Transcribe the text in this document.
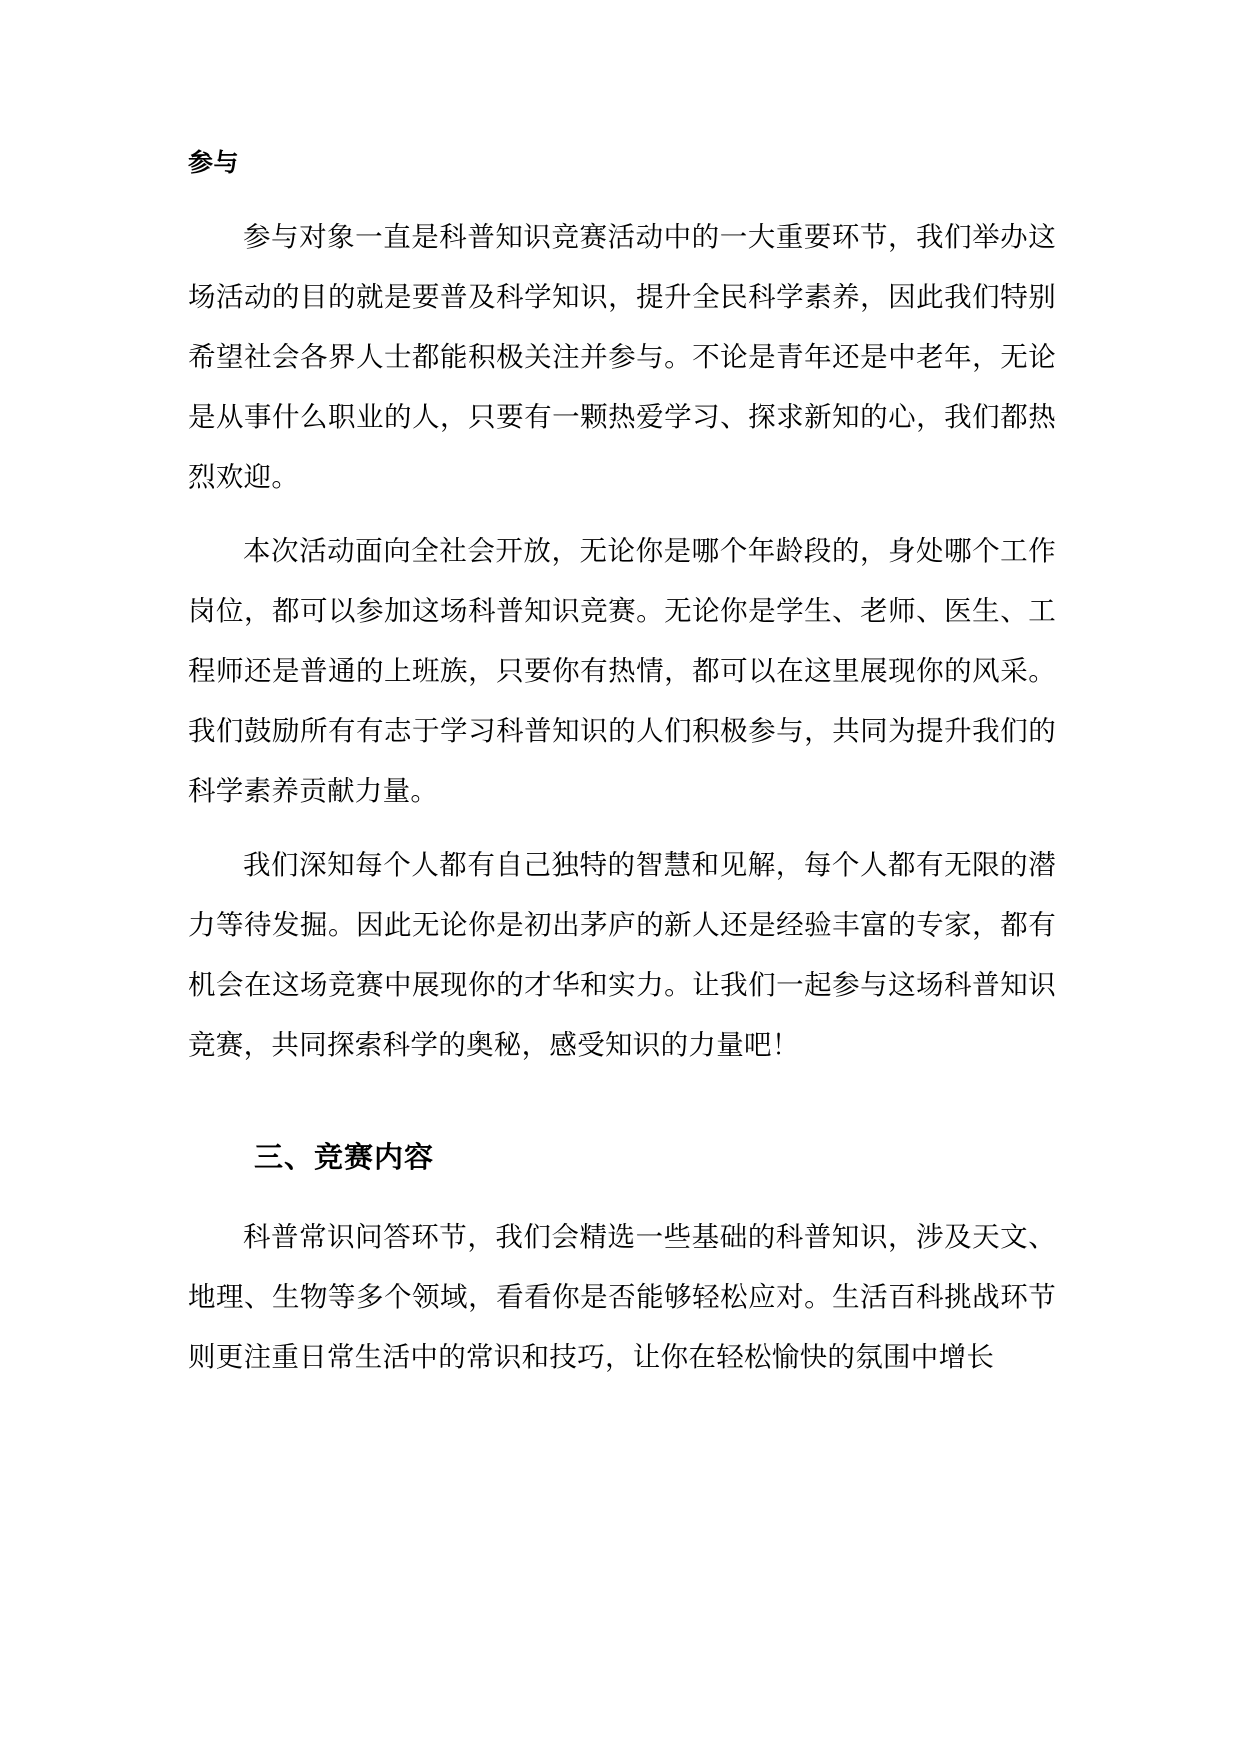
参与

参与对象一直是科普知识竞赛活动中的一大重要环节，我们举办这场活动的目的就是要普及科学知识，提升全民科学素养，因此我们特别希望社会各界人士都能积极关注并参与。不论是青年还是中老年，无论是从事什么职业的人，只要有一颗热爱学习、探求新知的心，我们都热烈欢迎。

本次活动面向全社会开放，无论你是哪个年龄段的，身处哪个工作岗位，都可以参加这场科普知识竞赛。无论你是学生、老师、医生、工程师还是普通的上班族，只要你有热情，都可以在这里展现你的风采。我们鼓励所有有志于学习科普知识的人们积极参与，共同为提升我们的科学素养贡献力量。

我们深知每个人都有自己独特的智慧和见解，每个人都有无限的潜力等待发掘。因此无论你是初出茅庐的新人还是经验丰富的专家，都有机会在这场竞赛中展现你的才华和实力。让我们一起参与这场科普知识竞赛，共同探索科学的奥秘，感受知识的力量吧！

三、竞赛内容

科普常识问答环节，我们会精选一些基础的科普知识，涉及天文、地理、生物等多个领域，看看你是否能够轻松应对。生活百科挑战环节则更注重日常生活中的常识和技巧，让你在轻松愉快的氛围中增长
